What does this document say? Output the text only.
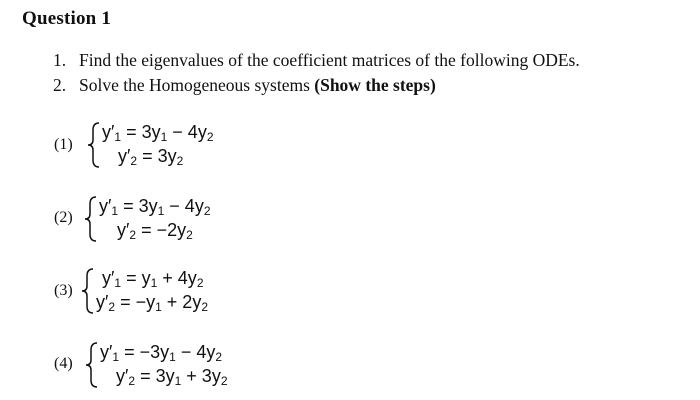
Question 1
1. Find the eigenvalues of the coefficient matrices of the following ODEs.
2. Solve the Homogeneous systems (Show the steps)
(1)
$y'_1 = 3y_1 - 4y_2$
$y'_2 = 3y_2$
(2)
$y'_1 = 3y_1 - 4y_2$
$y'_2 = -2y_2$
(3)
$y'_1 = y_1 + 4y_2$
$y'_2 = -y_1 + 2y_2$
(4)
$y'_1 = -3y_1 - 4y_2$
$y'_2 = 3y_1 + 3y_2$
